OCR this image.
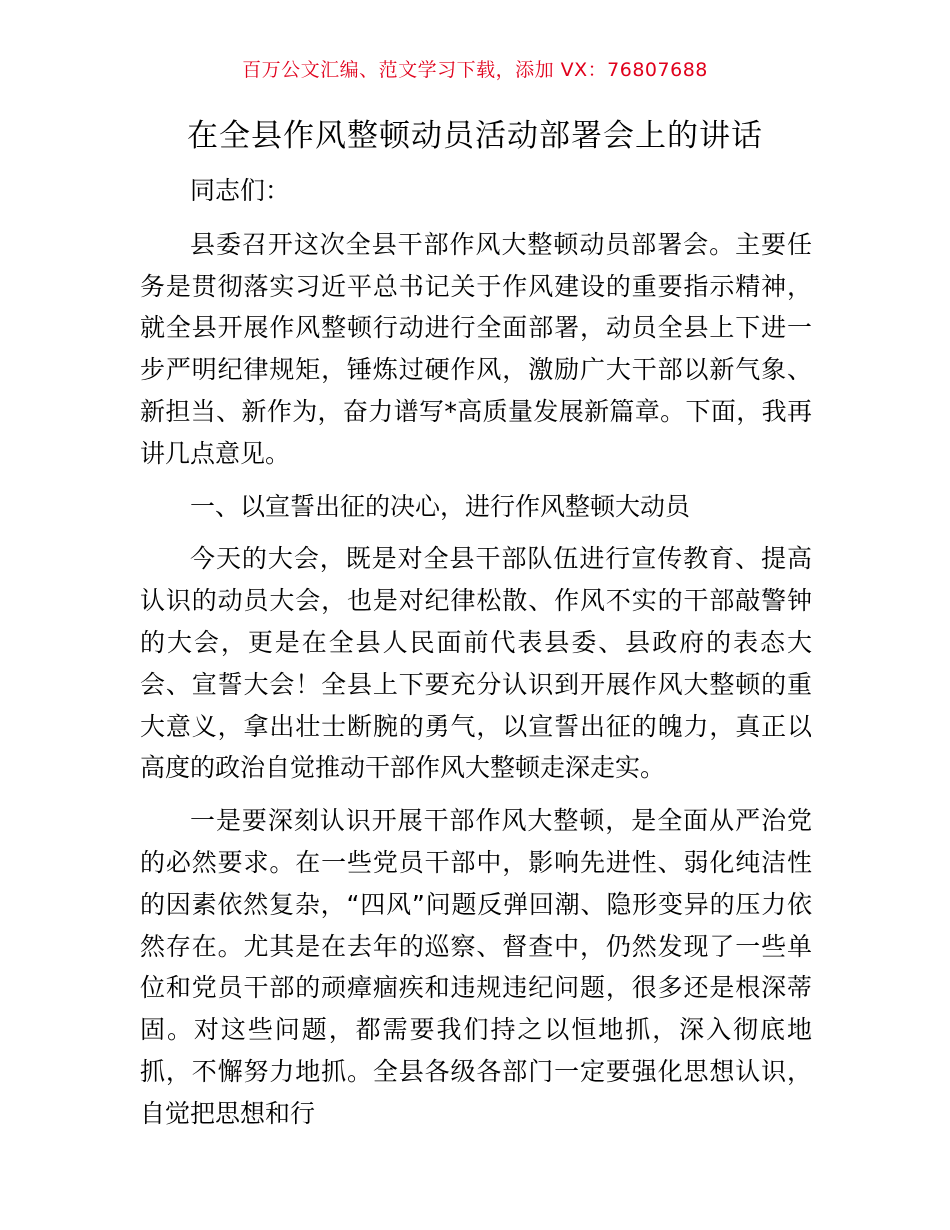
百万公文汇编、范文学习下载，添加 VX：76807688
在全县作风整顿动员活动部署会上的讲话

同志们：

县委召开这次全县干部作风大整顿动员部署会。主要任务是贯彻落实习近平总书记关于作风建设的重要指示精神，就全县开展作风整顿行动进行全面部署，动员全县上下进一步严明纪律规矩，锤炼过硬作风，激励广大干部以新气象、新担当、新作为，奋力谱写*高质量发展新篇章。下面，我再讲几点意见。

一、以宣誓出征的决心，进行作风整顿大动员

今天的大会，既是对全县干部队伍进行宣传教育、提高认识的动员大会，也是对纪律松散、作风不实的干部敲警钟的大会，更是在全县人民面前代表县委、县政府的表态大会、宣誓大会！全县上下要充分认识到开展作风大整顿的重大意义，拿出壮士断腕的勇气，以宣誓出征的魄力，真正以高度的政治自觉推动干部作风大整顿走深走实。

一是要深刻认识开展干部作风大整顿，是全面从严治党的必然要求。在一些党员干部中，影响先进性、弱化纯洁性的因素依然复杂，“四风”问题反弹回潮、隐形变异的压力依然存在。尤其是在去年的巡察、督查中，仍然发现了一些单位和党员干部的顽瘴痼疾和违规违纪问题，很多还是根深蒂固。对这些问题，都需要我们持之以恒地抓，深入彻底地抓，不懈努力地抓。全县各级各部门一定要强化思想认识，自觉把思想和行
